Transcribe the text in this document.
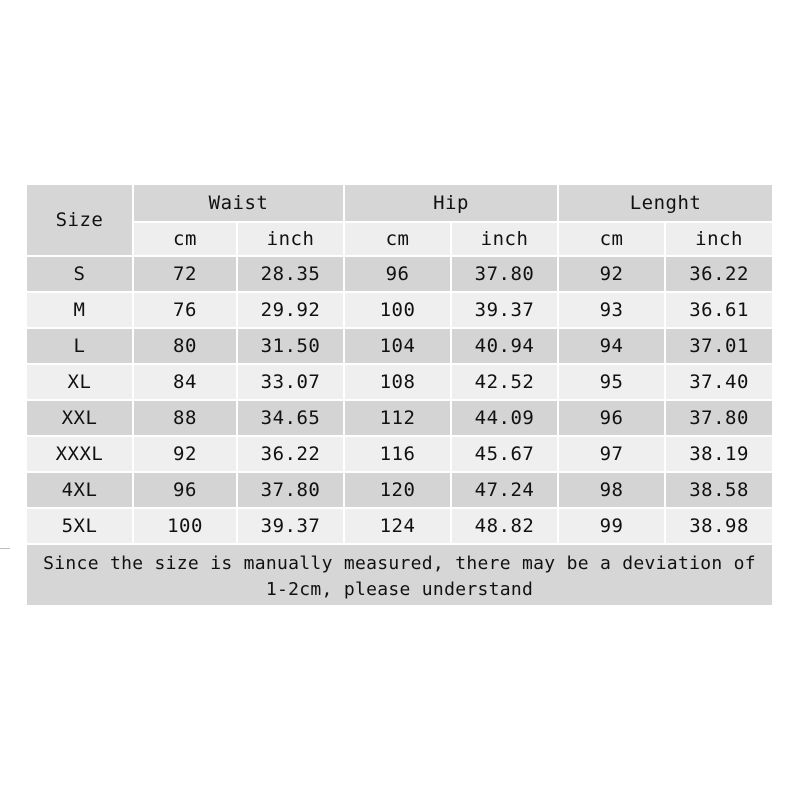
Size	Waist		Hip		Lenght	
	cm	inch	cm	inch	cm	inch
S	72	28.35	96	37.80	92	36.22
M	76	29.92	100	39.37	93	36.61
L	80	31.50	104	40.94	94	37.01
XL	84	33.07	108	42.52	95	37.40
XXL	88	34.65	112	44.09	96	37.80
XXXL	92	36.22	116	45.67	97	38.19
4XL	96	37.80	120	47.24	98	38.58
5XL	100	39.37	124	48.82	99	38.98
Since the size is manually measured, there may be a deviation of 1-2cm, please understand						
